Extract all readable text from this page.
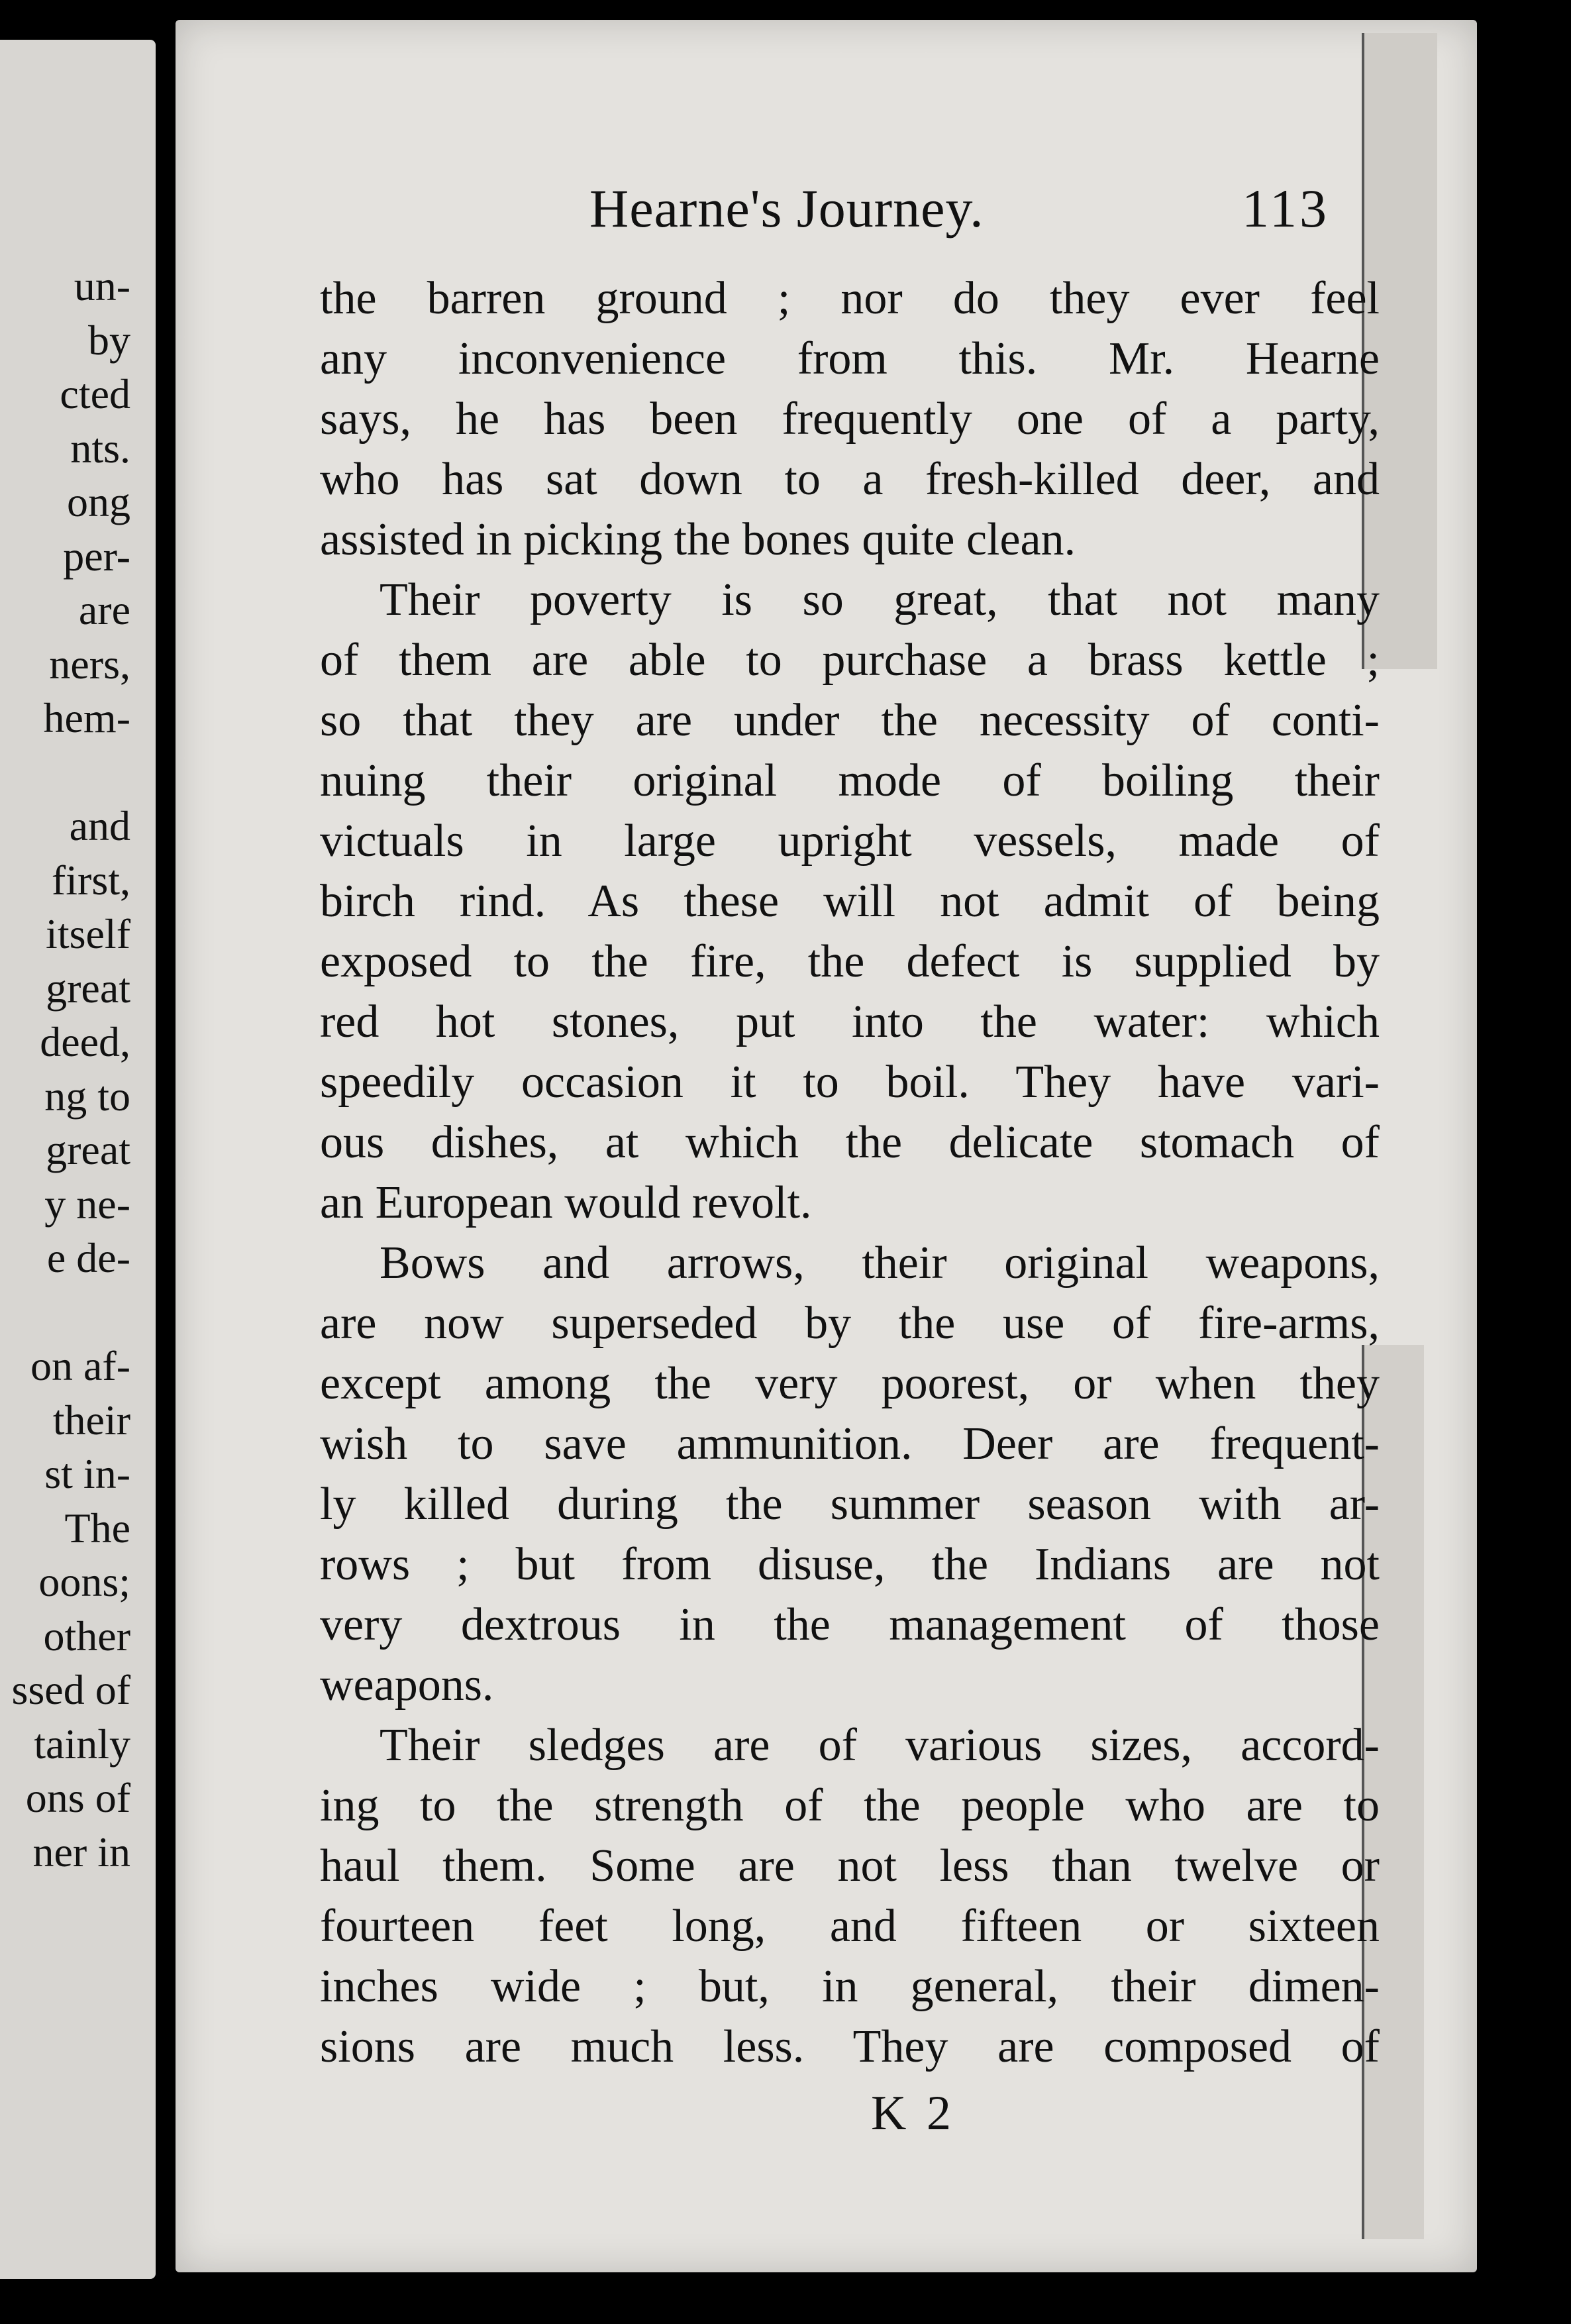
un-
by
cted
nts.
ong
per-
are
ners,
hem-
and
first,
itself
great
deed,
ng to
great
y ne-
e de-
on af-
their
st in-
The
oons;
other
ssed of
tainly
ons of
ner in
Hearne's Journey.	113
the barren ground ; nor do they ever feel
any inconvenience from this. Mr. Hearne
says, he has been frequently one of a party,
who has sat down to a fresh-killed deer, and
assisted in picking the bones quite clean.
Their poverty is so great, that not many
of them are able to purchase a brass kettle ;
so that they are under the necessity of conti-
nuing their original mode of boiling their
victuals in large upright vessels, made of
birch rind. As these will not admit of being
exposed to the fire, the defect is supplied by
red hot stones, put into the water: which
speedily occasion it to boil. They have vari-
ous dishes, at which the delicate stomach of
an European would revolt.
Bows and arrows, their original weapons,
are now superseded by the use of fire-arms,
except among the very poorest, or when they
wish to save ammunition. Deer are frequent-
ly killed during the summer season with ar-
rows ; but from disuse, the Indians are not
very dextrous in the management of those
weapons.
Their sledges are of various sizes, accord-
ing to the strength of the people who are to
haul them. Some are not less than twelve or
fourteen feet long, and fifteen or sixteen
inches wide ; but, in general, their dimen-
sions are much less. They are composed of
K 2
